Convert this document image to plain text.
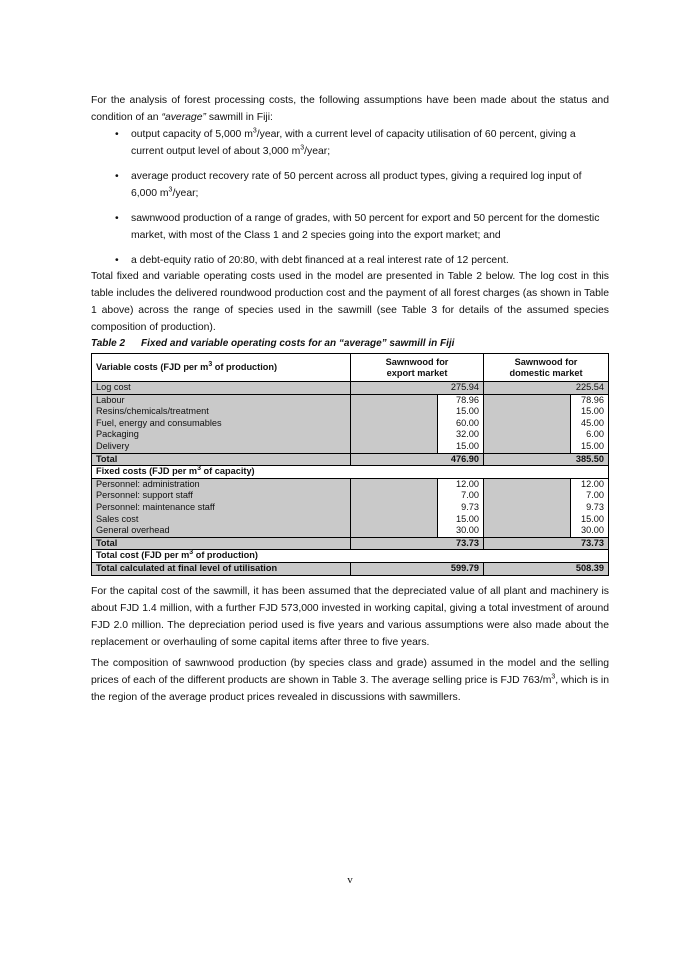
For the analysis of forest processing costs, the following assumptions have been made about the status and condition of an “average” sawmill in Fiji:
• output capacity of 5,000 $m^3$/year, with a current level of capacity utilisation of 60 percent, giving a current output level of about 3,000 $m^3$/year;
• average product recovery rate of 50 percent across all product types, giving a required log input of 6,000 $m^3$/year;
• sawnwood production of a range of grades, with 50 percent for export and 50 percent for the domestic market, with most of the Class 1 and 2 species going into the export market; and
• a debt-equity ratio of 20:80, with debt financed at a real interest rate of 12 percent.
Total fixed and variable operating costs used in the model are presented in Table 2 below. The log cost in this table includes the delivered roundwood production cost and the payment of all forest charges (as shown in Table 1 above) across the range of species used in the sawmill (see Table 3 for details of the assumed species composition of production).
Table 2 Fixed and variable operating costs for an “average” sawmill in Fiji
Variable costs (FJD per $m^3$ of production)	Sawnwood for
export market		Sawnwood for
domestic market	
Log cost	275.94		225.54	
Labour		78.96		78.96
Resins/chemicals/treatment		15.00		15.00
Fuel, energy and consumables		60.00		45.00
Packaging		32.00		6.00
Delivery		15.00		15.00
Total	476.90		385.50	
Fixed costs (FJD per $m^3$ of capacity)				
Personnel: administration		12.00		12.00
Personnel: support staff		7.00		7.00
Personnel: maintenance staff		9.73		9.73
Sales cost		15.00		15.00
General overhead		30.00		30.00
Total	73.73		73.73	
Total cost (FJD per $m^3$ of production)				
Total calculated at final level of utilisation	599.79		508.39	
For the capital cost of the sawmill, it has been assumed that the depreciated value of all plant and machinery is about FJD 1.4 million, with a further FJD 573,000 invested in working capital, giving a total investment of around FJD 2.0 million. The depreciation period used is five years and various assumptions were also made about the replacement or overhauling of some capital items after three to five years.
The composition of sawnwood production (by species class and grade) assumed in the model and the selling prices of each of the different products are shown in Table 3. The average selling price is FJD $763/m^3$, which is in the region of the average product prices revealed in discussions with sawmillers.
v
